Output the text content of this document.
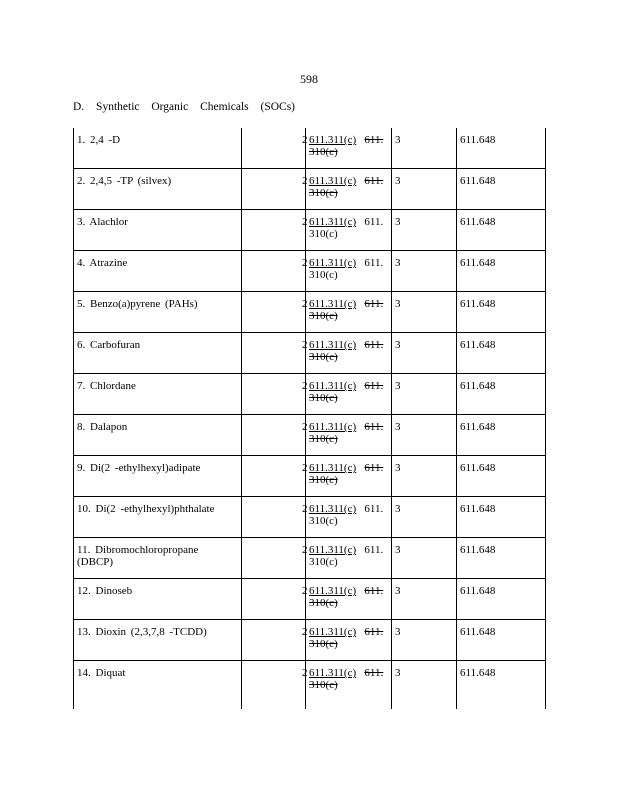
598
D. Synthetic Organic Chemicals (SOCs)
1. 2,4 -D	2	611.311(c) 611. 310(c)	3	611.648
2. 2,4,5 -TP (silvex)	2	611.311(c) 611. 310(c)	3	611.648
3. Alachlor	2	611.311(c) 611. 310(c)	3	611.648
4. Atrazine	2	611.311(c) 611. 310(c)	3	611.648
5. Benzo(a)pyrene (PAHs)	2	611.311(c) 611. 310(c)	3	611.648
6. Carbofuran	2	611.311(c) 611. 310(c)	3	611.648
7. Chlordane	2	611.311(c) 611. 310(c)	3	611.648
8. Dalapon	2	611.311(c) 611. 310(c)	3	611.648
9. Di(2 -ethylhexyl)adipate	2	611.311(c) 611. 310(c)	3	611.648
10. Di(2 -ethylhexyl)phthalate	2	611.311(c) 611. 310(c)	3	611.648
11. Dibromochloropropane (DBCP)	2	611.311(c) 611. 310(c)	3	611.648
12. Dinoseb	2	611.311(c) 611. 310(c)	3	611.648
13. Dioxin (2,3,7,8 -TCDD)	2	611.311(c) 611. 310(c)	3	611.648
14. Diquat	2	611.311(c) 611. 310(c)	3	611.648
